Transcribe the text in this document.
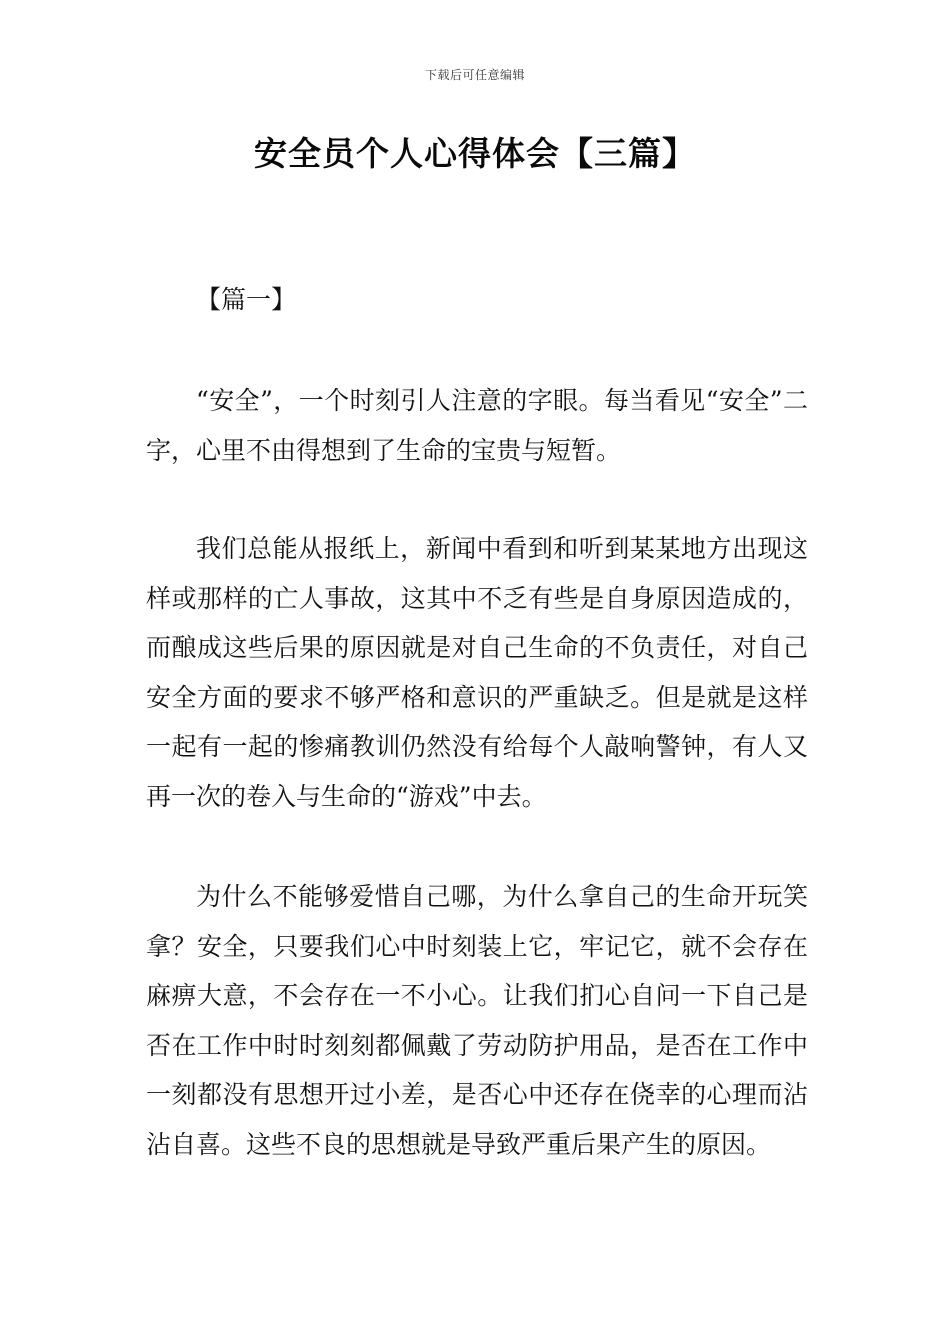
下载后可任意编辑
安全员个人心得体会【三篇】
【篇一】

“安全”，一个时刻引人注意的字眼。每当看见“安全”二字，心里不由得想到了生命的宝贵与短暂。

我们总能从报纸上，新闻中看到和听到某某地方出现这样或那样的亡人事故，这其中不乏有些是自身原因造成的，而酿成这些后果的原因就是对自己生命的不负责任，对自己安全方面的要求不够严格和意识的严重缺乏。但是就是这样一起有一起的惨痛教训仍然没有给每个人敲响警钟，有人又再一次的卷入与生命的“游戏”中去。

为什么不能够爱惜自己哪，为什么拿自己的生命开玩笑拿？安全，只要我们心中时刻装上它，牢记它，就不会存在麻痹大意，不会存在一不小心。让我们扪心自问一下自己是否在工作中时时刻刻都佩戴了劳动防护用品，是否在工作中一刻都没有思想开过小差，是否心中还存在侥幸的心理而沾沾自喜。这些不良的思想就是导致严重后果产生的原因。
